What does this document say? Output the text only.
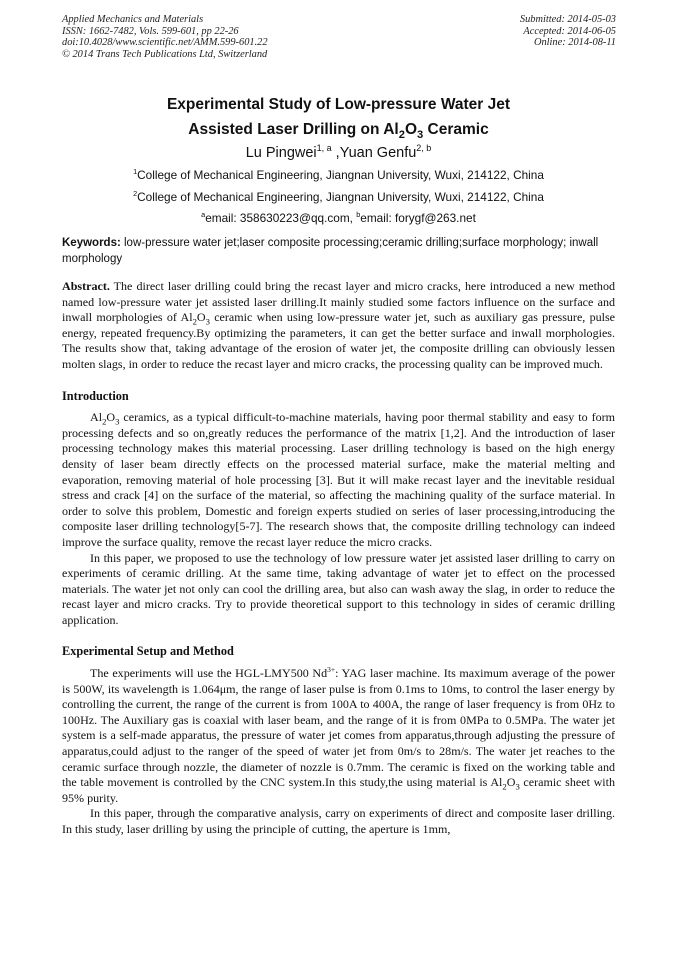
Applied Mechanics and Materials
ISSN: 1662-7482, Vols. 599-601, pp 22-26
doi:10.4028/www.scientific.net/AMM.599-601.22
© 2014 Trans Tech Publications Ltd, Switzerland
Submitted: 2014-05-03
Accepted: 2014-06-05
Online: 2014-08-11
Experimental Study of Low-pressure Water Jet
Assisted Laser Drilling on $Al_2O_3$ Ceramic
Lu Pingwei$^{1, a}$ ,Yuan Genfu$^{2, b}$
$^1$College of Mechanical Engineering, Jiangnan University, Wuxi, 214122, China
$^2$College of Mechanical Engineering, Jiangnan University, Wuxi, 214122, China
$^a$email: 358630223@qq.com, $^b$email: forygf@263.net
Keywords: low-pressure water jet;laser composite processing;ceramic drilling;surface morphology; inwall morphology

Abstract. The direct laser drilling could bring the recast layer and micro cracks, here introduced a new method named low-pressure water jet assisted laser drilling.It mainly studied some factors influence on the surface and inwall morphologies of $Al_2O_3$ ceramic when using low-pressure water jet, such as auxiliary gas pressure, pulse energy, repeated frequency.By optimizing the parameters, it can get the better surface and inwall morphologies. The results show that, taking advantage of the erosion of water jet, the composite drilling can obviously lessen molten slags, in order to reduce the recast layer and micro cracks, the processing quality can be improved much.

Introduction

$Al_2O_3$ ceramics, as a typical difficult-to-machine materials, having poor thermal stability and easy to form processing defects and so on,greatly reduces the performance of the matrix [1,2]. And the introduction of laser processing technology makes this material processing. Laser drilling technology is based on the high energy density of laser beam directly effects on the processed material surface, make the material melting and evaporation, removing material of hole processing [3]. But it will make recast layer and the inevitable residual stress and crack [4] on the surface of the material, so affecting the machining quality of the surface material. In order to solve this problem, Domestic and foreign experts studied on series of laser processing,introducing the composite laser drilling technology[5-7]. The research shows that, the composite drilling technology can indeed improve the surface quality, remove the recast layer reduce the micro cracks.

In this paper, we proposed to use the technology of low pressure water jet assisted laser drilling to carry on experiments of ceramic drilling. At the same time, taking advantage of water jet to effect on the processed materials. The water jet not only can cool the drilling area, but also can wash away the slag, in order to reduce the recast layer and micro cracks. Try to provide theoretical support to this technology in sides of ceramic drilling application.

Experimental Setup and Method

The experiments will use the HGL-LMY500 $Nd^{3+}$: YAG laser machine. Its maximum average of the power is 500W, its wavelength is 1.064μm, the range of laser pulse is from 0.1ms to 10ms, to control the laser energy by controlling the current, the range of the current is from 100A to 400A, the range of laser frequency is from 0Hz to 100Hz. The Auxiliary gas is coaxial with laser beam, and the range of it is from 0MPa to 0.5MPa. The water jet system is a self-made apparatus, the pressure of water jet comes from apparatus,through adjusting the pressure of apparatus,could adjust to the ranger of the speed of water jet from 0m/s to 28m/s. The water jet reaches to the ceramic surface through nozzle, the diameter of nozzle is 0.7mm. The ceramic is fixed on the working table and the table movement is controlled by the CNC system.In this study,the using material is $Al_2O_3$ ceramic sheet with 95% purity.

In this paper, through the comparative analysis, carry on experiments of direct and composite laser drilling. In this study, laser drilling by using the principle of cutting, the aperture is 1mm,
